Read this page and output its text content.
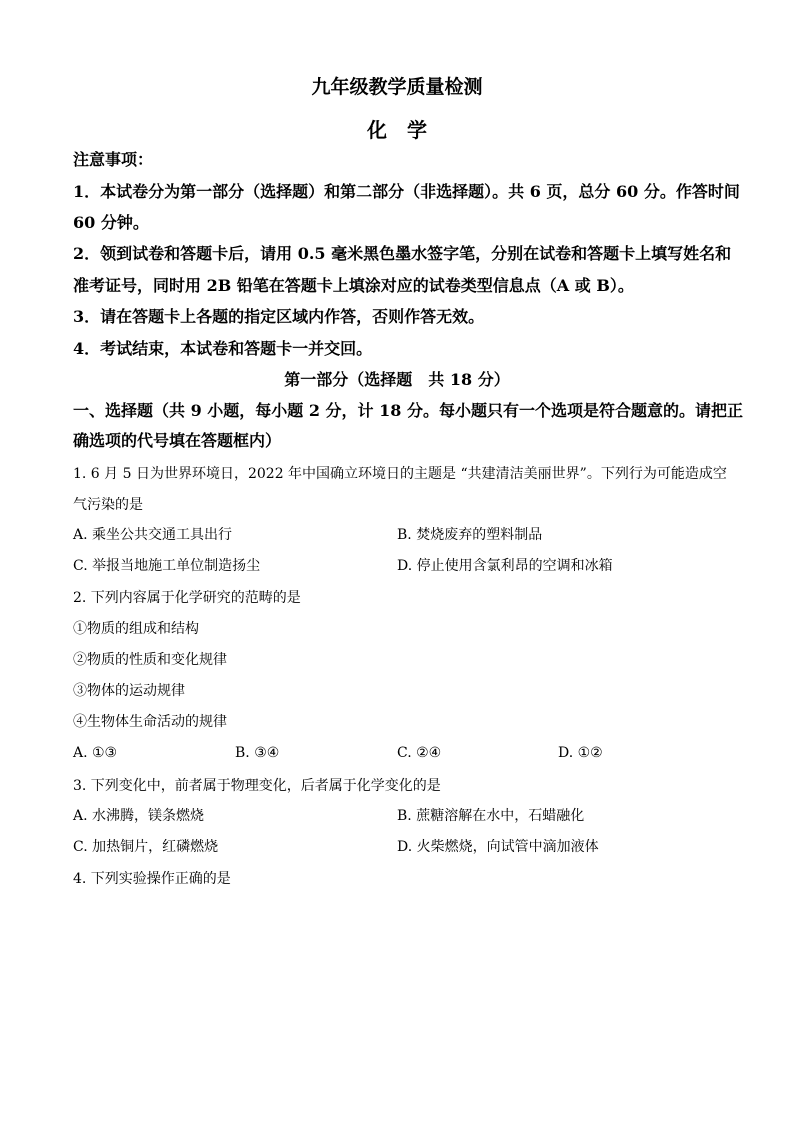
九年级教学质量检测
化　学
注意事项：
1．本试卷分为第一部分（选择题）和第二部分（非选择题）。共 6 页，总分 60 分。作答时间
60 分钟。
2．领到试卷和答题卡后，请用 0.5 毫米黑色墨水签字笔，分别在试卷和答题卡上填写姓名和
准考证号，同时用 2B 铅笔在答题卡上填涂对应的试卷类型信息点（A 或 B）。
3．请在答题卡上各题的指定区域内作答，否则作答无效。
4．考试结束，本试卷和答题卡一并交回。
第一部分（选择题　共 18 分）
一、选择题（共 9 小题，每小题 2 分，计 18 分。每小题只有一个选项是符合题意的。请把正
确选项的代号填在答题框内）
1. 6 月 5 日为世界环境日，2022 年中国确立环境日的主题是 “共建清洁美丽世界”。下列行为可能造成空
气污染的是
A. 乘坐公共交通工具出行	B. 焚烧废弃的塑料制品
C. 举报当地施工单位制造扬尘	D. 停止使用含氯利昂的空调和冰箱
2. 下列内容属于化学研究的范畴的是
①物质的组成和结构
②物质的性质和变化规律
③物体的运动规律
④生物体生命活动的规律
A. ①③	B. ③④	C. ②④	D. ①②
3. 下列变化中，前者属于物理变化，后者属于化学变化的是
A. 水沸腾，镁条燃烧	B. 蔗糖溶解在水中，石蜡融化
C. 加热铜片，红磷燃烧	D. 火柴燃烧，向试管中滴加液体
4. 下列实验操作正确的是
